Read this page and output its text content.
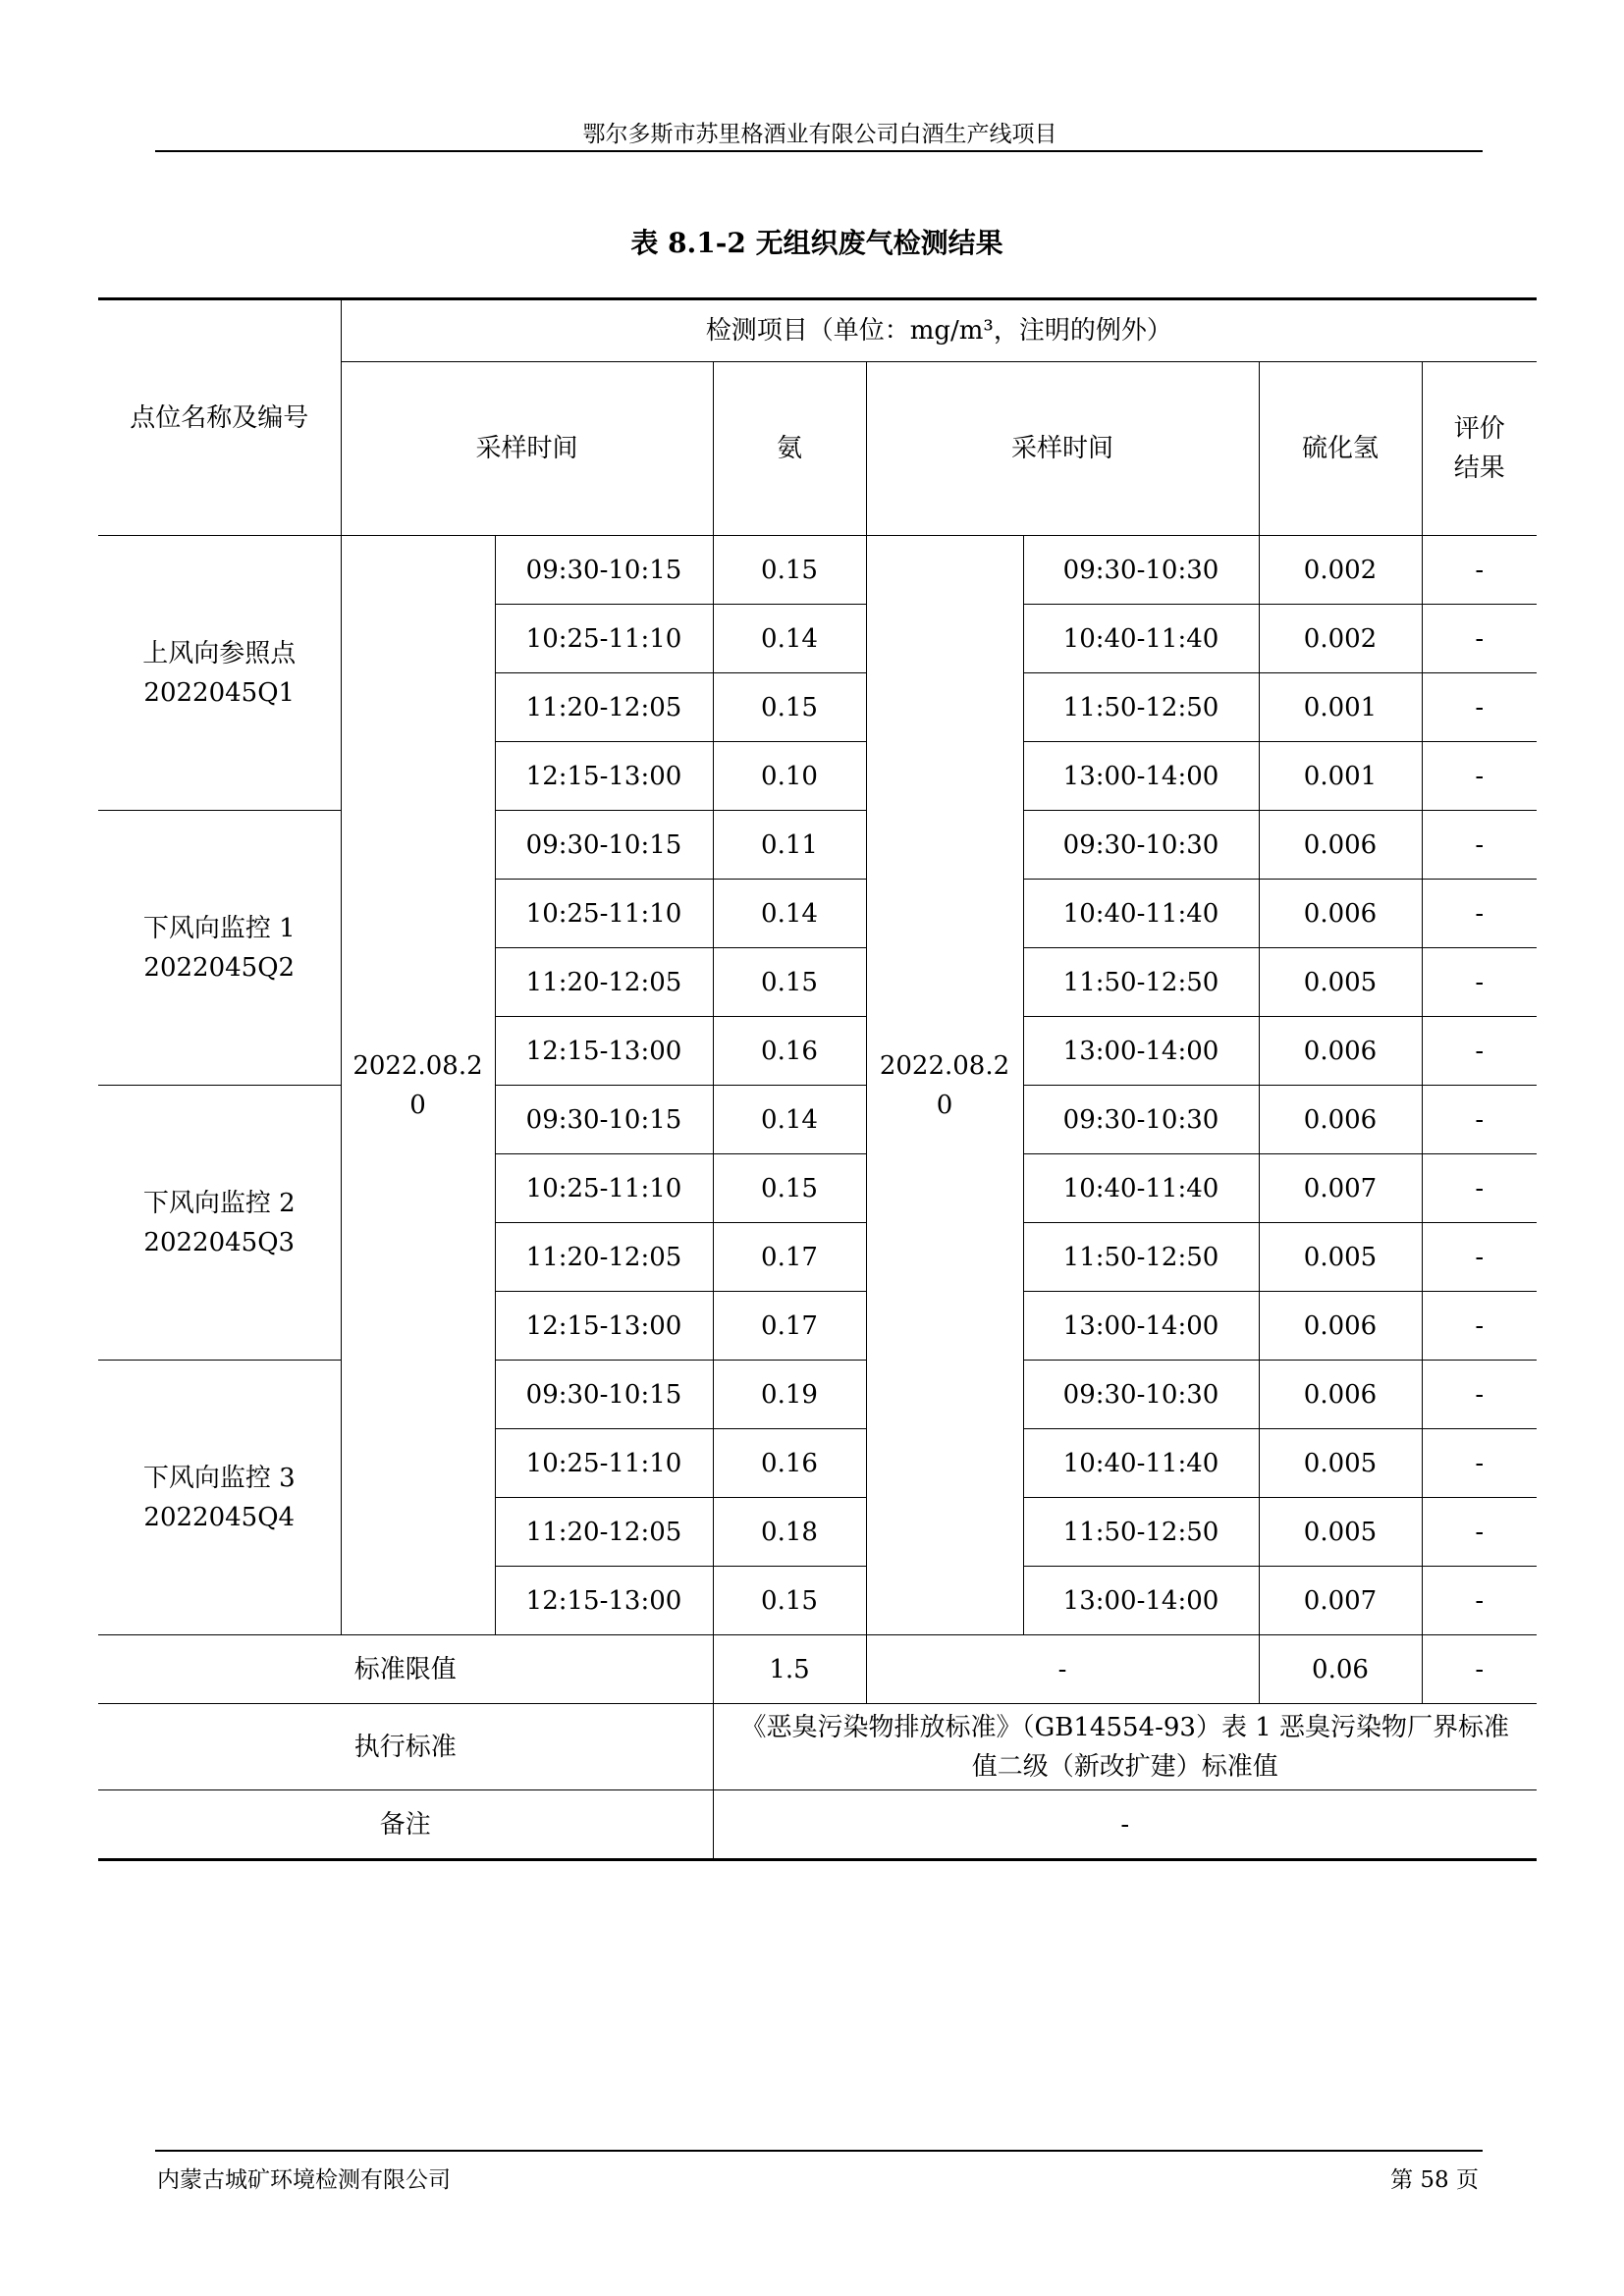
鄂尔多斯市苏里格酒业有限公司白酒生产线项目
表 8.1-2 无组织废气检测结果
点位名称及编号	检测项目（单位：mg/m³，注明的例外）						
	采样时间		氨	采样时间		硫化氢	评价结果

上风向参照点
2022045Q1	2022.08.20	09:30-10:15	0.15	2022.08.20	09:30-10:30	0.002	-
		10:25-11:10	0.14		10:40-11:40	0.002	-
		11:20-12:05	0.15		11:50-12:50	0.001	-
		12:15-13:00	0.10		13:00-14:00	0.001	-

下风向监控 1
2022045Q2		09:30-10:15	0.11		09:30-10:30	0.006	-
		10:25-11:10	0.14		10:40-11:40	0.006	-
		11:20-12:05	0.15		11:50-12:50	0.005	-
		12:15-13:00	0.16		13:00-14:00	0.006	-

下风向监控 2
2022045Q3		09:30-10:15	0.14		09:30-10:30	0.006	-
		10:25-11:10	0.15		10:40-11:40	0.007	-
		11:20-12:05	0.17		11:50-12:50	0.005	-
		12:15-13:00	0.17		13:00-14:00	0.006	-

下风向监控 3
2022045Q4		09:30-10:15	0.19		09:30-10:30	0.006	-
		10:25-11:10	0.16		10:40-11:40	0.005	-
		11:20-12:05	0.18		11:50-12:50	0.005	-
		12:15-13:00	0.15		13:00-14:00	0.007	-
标准限值			1.5	-		0.06	-
执行标准			《恶臭污染物排放标准》（GB14554-93）表 1 恶臭污染物厂界标准值二级（新改扩建）标准值				

备注			-				
内蒙古城矿环境检测有限公司	第 58 页
